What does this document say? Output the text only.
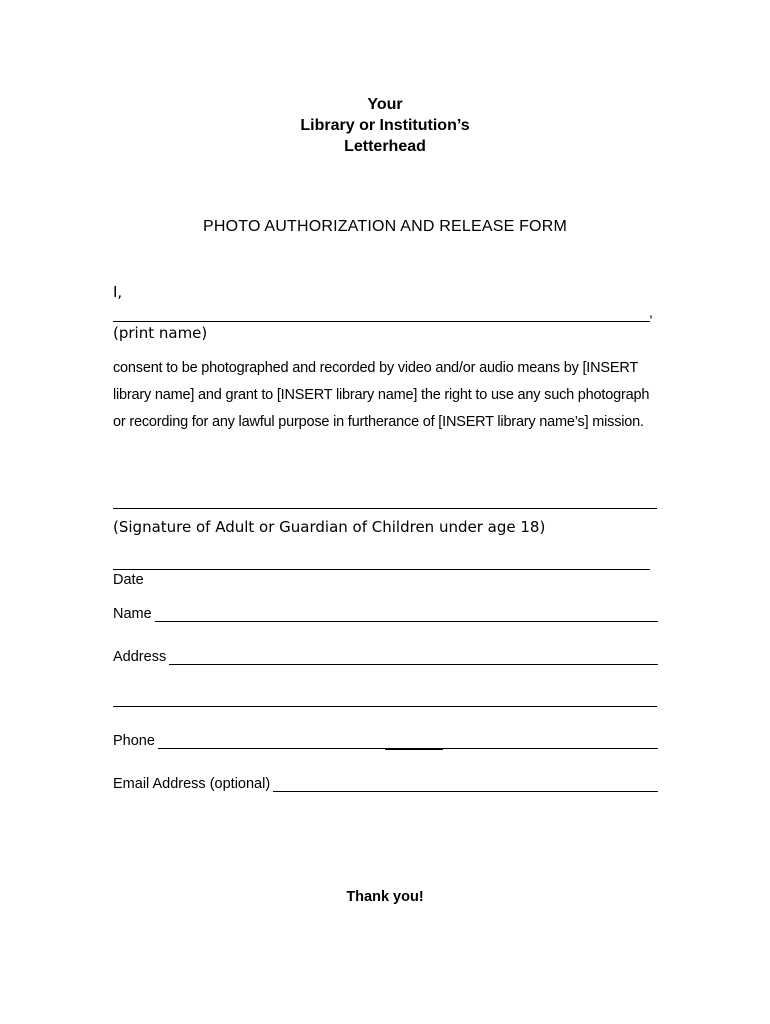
Your
Library or Institution’s
Letterhead
PHOTO AUTHORIZATION AND RELEASE FORM
I,
,
(print name)
consent to be photographed and recorded by video and/or audio means by [INSERT library name] and grant to [INSERT library name] the right to use any such photograph or recording for any lawful purpose in furtherance of [INSERT library name’s] mission.
(Signature of Adult or Guardian of Children under age 18)
Date
Name
Address
Phone
Email Address (optional)
Thank you!
